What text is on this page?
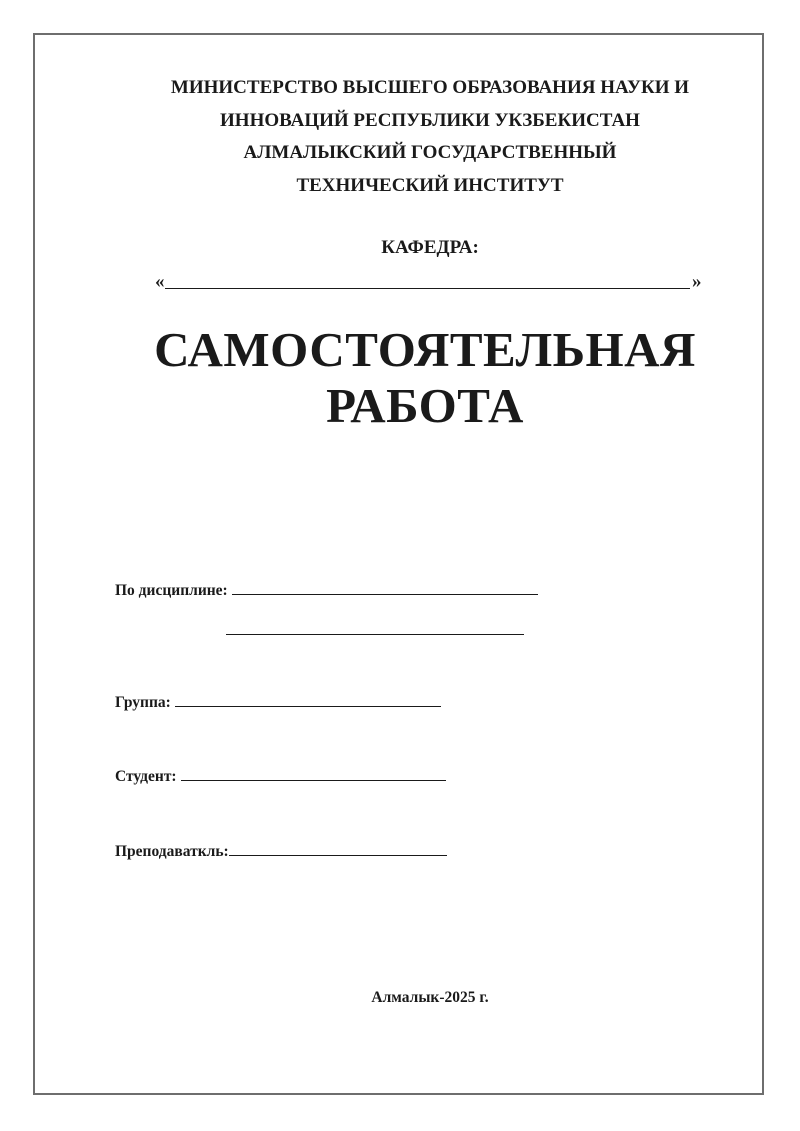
МИНИСТЕРСТВО ВЫСШЕГО ОБРАЗОВАНИЯ НАУКИ И
ИННОВАЦИЙ РЕСПУБЛИКИ УКЗБЕКИСТАН
АЛМАЛЫКСКИЙ ГОСУДАРСТВЕННЫЙ
ТЕХНИЧЕСКИЙ ИНСТИТУТ
КАФЕДРА:
«	»
САМОСТОЯТЕЛЬНАЯ
РАБОТА
По дисциплине:
Группа:
Студент:
Преподаваткль:
Алмалык-2025 г.
